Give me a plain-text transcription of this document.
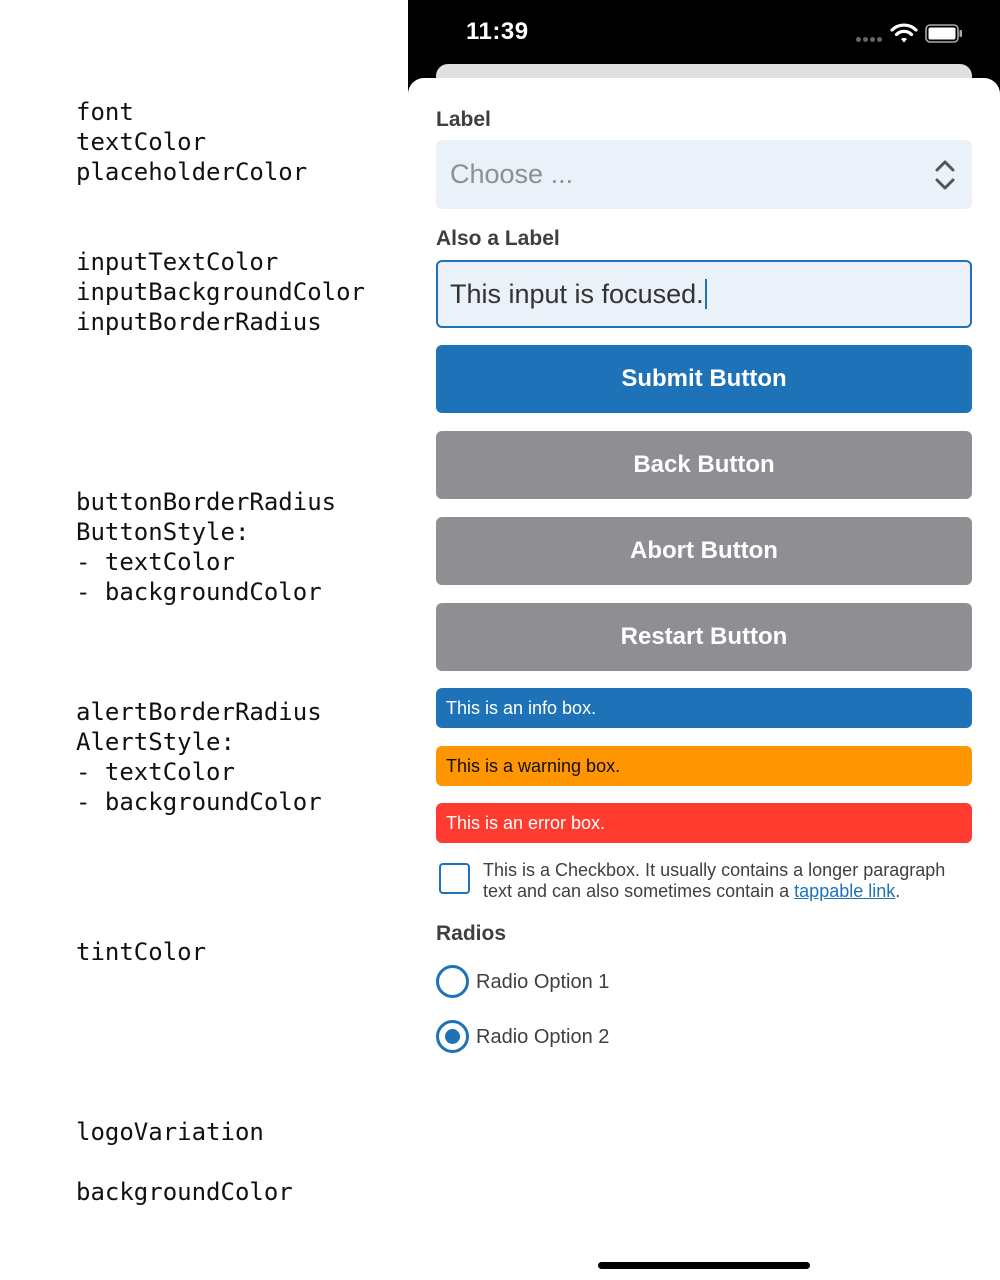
font
textColor
placeholderColor
inputTextColor
inputBackgroundColor
inputBorderRadius
buttonBorderRadius
ButtonStyle:
- textColor
- backgroundColor
alertBorderRadius
AlertStyle:
- textColor
- backgroundColor
tintColor
logoVariation
backgroundColor
11:39
Label
Choose ...
Also a Label
This input is focused.
Submit Button
Back Button
Abort Button
Restart Button
This is an info box.
This is a warning box.
This is an error box.
This is a Checkbox. It usually contains a longer paragraph text and can also sometimes contain a tappable link.
Radios
Radio Option 1
Radio Option 2
